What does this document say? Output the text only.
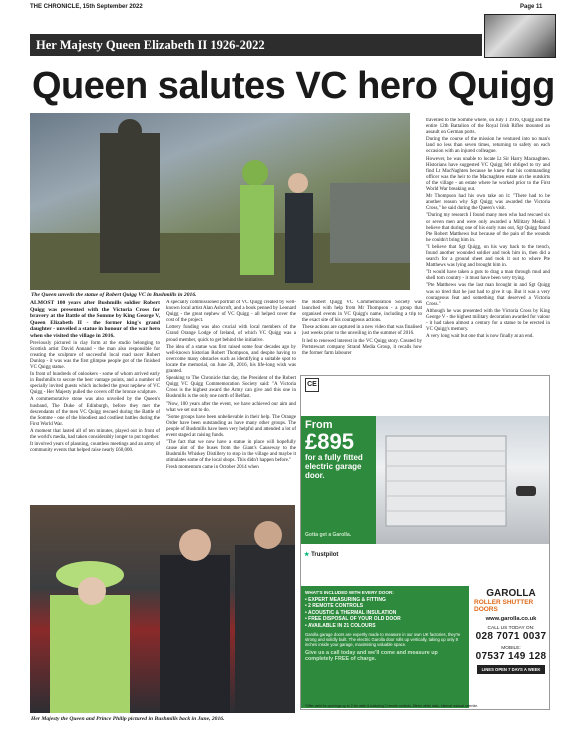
THE CHRONICLE, 15th September 2022	Page 11
Her Majesty Queen Elizabeth II 1926-2022
Queen salutes VC hero Quigg
The Queen unveils the statue of Robert Quigg VC in Bushmills in 2016.

ALMOST 100 years after Bushmills soldier Robert Quigg was presented with the Victoria Cross for bravery at the Battle of the Somme by King George V, Queen Elizabeth II - the former king's grand daughter - unveiled a statue in honour of the war hero when she visited the village in 2016.

Previously pictured in clay form at the studio belonging to Scottish artist David Annand - the man also responsible for creating the sculpture of successful local road racer Robert Dunlop - it was was the first glimpse people got of the finished VC Quigg statue.

In front of hundreds of onlookers - some of whom arrived early in Bushmills to secure the best vantage points, and a number of specially invited guests which included the great nephew of VC Quigg - Her Majesty pulled the covers off the bronze sculpture.

A commemorative stone was also unveiled by the Queen's husband, The Duke of Edinburgh, before they met the descendants of the men VC Quigg rescued during the Battle of the Somme - one of the bloodiest and costliest battles during the First World War.

A moment that lasted all of ten minutes, played out in front of the world's media, had taken considerably longer to put together.

It involved years of planning, countless meetings and an army of community events that helped raise nearly £60,000.

A specially commissioned portrait of VC Quigg created by well-known local artist Alan Ashcroft, and a book penned by Leonard Quigg - the great nephew of VC Quigg - all helped cover the cost of the project.

Lottery funding was also crucial with local members of the Grand Orange Lodge of Ireland, of which VC Quigg was a proud member, quick to get behind the initiative.

The idea of a statue was first raised some four decades ago by well-known historian Robert Thompson, and despite having to overcome many obstacles such as identifying a suitable spot to locate the memorial, on June 28, 2016, his life-long wish was granted.

Speaking to The Chronicle that day, the President of the Robert Quigg VC Quigg Commemoration Society said: "A Victoria Cross is the highest award the Army can give and this one in Bushmills is the only one north of Belfast.

"Now, 100 years after the event, we have achieved our aim and what we set out to do.

"Some groups have been unbelievable in their help. The Orange Order have been outstanding as have many other groups. The people of Bushmills have been very helpful and attended a lot of event staged at raising funds.

"The fact that we now have a statue in place will hopefully cause alot of the buses from the Giant's Causeway to the Bushmills Whiskey Distillery to stop in the village and maybe it stimulates some of the local shops. This didn't happen before."

Fresh momentum came in October 2014 when

the Robert Quigg VC Commemoration Society was launched with help from Mr Thompson - a group that organised events in VC Quigg's name, including a trip to the exact site of his courageous actions.

These actions are captured in a new video that was finalised just weeks prior to the unveiling in the summer of 2016.

It led to renewed interest in the VC Quigg story. Created by Portstewart company Strand Media Group, it recalls how the former farm labourer

travelled to the Somme where, on July 1 1916, Quigg and the entire 12th Battalion of the Royal Irish Rifles mounted an assault on German ports.

During the course of the mission he ventured into no man's land no less than seven times, returning to safety on each occasion with an injured colleague.

However, he was unable to locate Lt Sir Harry Macnaghten. Historians have suggested VC Quigg felt obliged to try and find Lt MacNaghten because he knew that his commanding officer was the heir to the Macnaghten estate on the outskirts of the village - an estate where he worked prior to the First World War breaking out.

Mr Thompson had his own take on it: "There had to be another reason why Sgt Quigg was awarded the Victoria Cross," he said during the Queen's visit.

"During my research I found many men who had rescued six or seven men and were only awarded a Military Medal. I believe that during one of his early runs out, Sgt Quigg found Pte Robert Matthews but because of the pain of the wounds he couldn't bring him in.

"I believe that Sgt Quigg, on his way back to the trench, found another wounded soldier and took him in, then did a search for a ground sheet and took it out to where Pte Matthews was lying and brought him in.

"It would have taken a guts to drag a man through mud and shell torn country - it must have been very trying.

"Pte Matthews was the last man brought in and Sgt Quigg was so tired that he just had to give it up. But it was a very courageous feat and something that deserved a Victoria Cross."

Although he was presented with the Victoria Cross by King George V - the highest military decoration awarded for valour - it had taken almost a century for a statue to be erected in VC Quigg's memory.

A very long wait but one that is now finally at an end.

Her Majesty the Queen and Prince Philip pictured in Bushmills back in June, 2016.
CE
From
£895
for a fully fitted electric garage door.
Gotta get a Garolla.
★ Trustpilot
WHAT'S INCLUDED WITH EVERY DOOR:
• EXPERT MEASURING & FITTING
• 2 REMOTE CONTROLS
• ACOUSTIC & THERMAL INSULATION
• FREE DISPOSAL OF YOUR OLD DOOR
• AVAILABLE IN 21 COLOURS
Garolla garage doors are expertly made to measure in our own UK factories, they're strong and solidly built. The electric Garolla door rolls up vertically, taking up only 8 inches inside your garage, maximising valuable space.
Give us a call today and we'll come and measure up completely FREE of charge.
GAROLLA
ROLLER SHUTTER DOORS
www.garolla.co.uk
CALL US TODAY ON:
028 7071 0037
MOBILE:
07537 149 128
LINES OPEN 7 DAYS A WEEK
*Offer valid for openings up to 2.4m wide & including 2 remote controls, 55mm white slats, internal manual override.
